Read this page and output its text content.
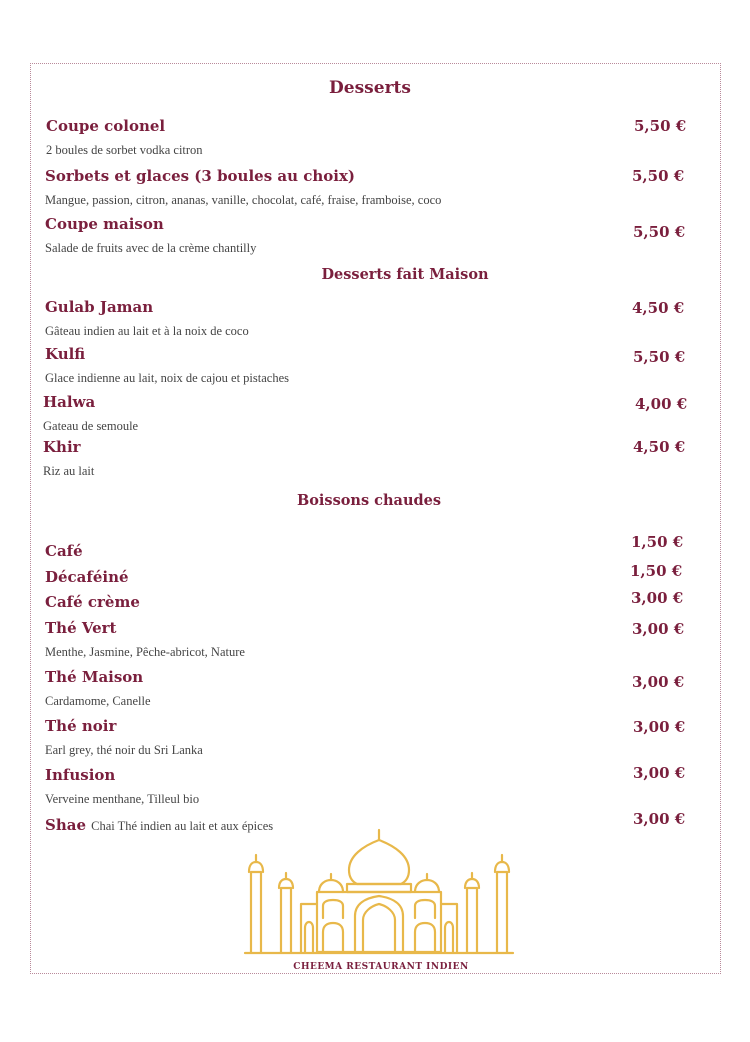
Desserts
Coupe colonel
2 boules de sorbet vodka citron
5,50 €
Sorbets et glaces (3 boules au choix)
Mangue, passion, citron, ananas, vanille, chocolat, café, fraise, framboise, coco
5,50 €
Coupe maison
Salade de fruits avec de la crème chantilly
5,50 €
Desserts fait Maison
Gulab Jaman
Gâteau indien au lait et à la noix de coco
4,50 €
Kulfi
Glace indienne au lait, noix de cajou et pistaches
5,50 €
Halwa
Gateau de semoule
4,00 €
Khir
Riz au lait
4,50 €
Boissons chaudes
Café	1,50 €
Décaféiné	1,50 €
Café crème	3,00 €
Thé Vert
Menthe, Jasmine, Pêche-abricot, Nature
3,00 €
Thé Maison
Cardamome, Canelle
3,00 €
Thé noir
Earl grey, thé noir du Sri Lanka
3,00 €
Infusion
Verveine menthane, Tilleul bio
3,00 €
Shae Chai Thé indien au lait et aux épices	3,00 €
CHEEMA RESTAURANT INDIEN
